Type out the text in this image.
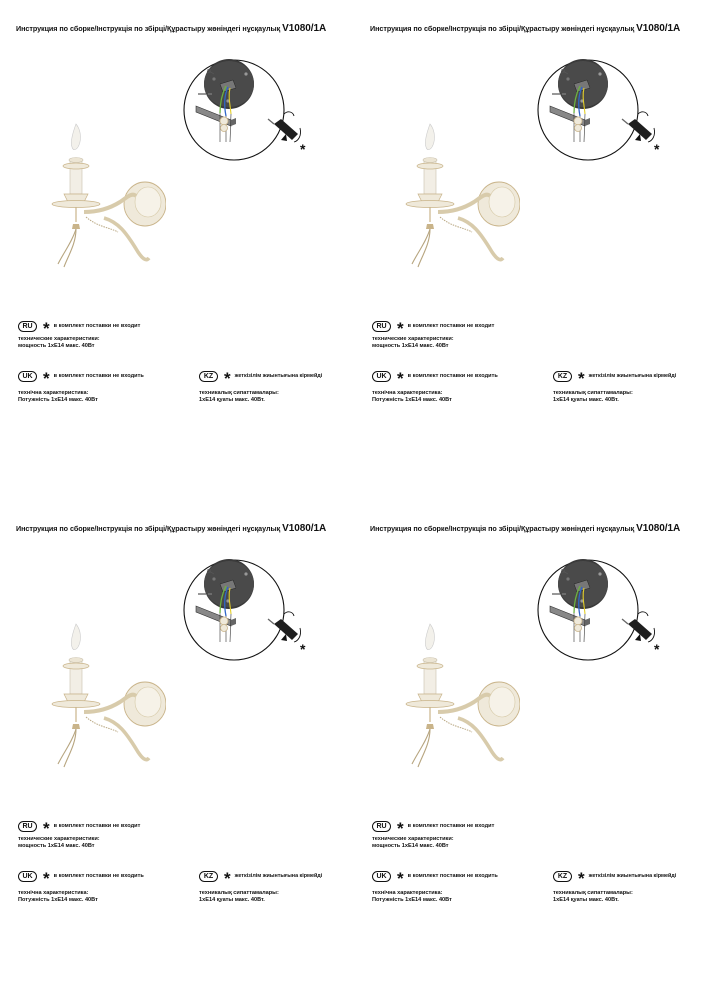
Инструкция по сборке/Інструкція по збірці/Құрастыру жөніндегі нұсқаулық V1080/1A
*
RU * в комплект поставки не входит
технические характеристики:
мощность 1хЕ14 макс. 40Вт
UK * в комплект поставки не входить
технічна характеристика:
Потужність 1хЕ14 макс. 40Вт
KZ * жеткізілім жиынтығына кірмейді
техникалық сипаттамалары:
1хЕ14 қуаты макс. 40Вт.
Инструкция по сборке/Інструкція по збірці/Құрастыру жөніндегі нұсқаулық V1080/1A
*
RU * в комплект поставки не входит
технические характеристики:
мощность 1хЕ14 макс. 40Вт
UK * в комплект поставки не входить
технічна характеристика:
Потужність 1хЕ14 макс. 40Вт
KZ * жеткізілім жиынтығына кірмейді
техникалық сипаттамалары:
1хЕ14 қуаты макс. 40Вт.
Инструкция по сборке/Інструкція по збірці/Құрастыру жөніндегі нұсқаулық V1080/1A
*
RU * в комплект поставки не входит
технические характеристики:
мощность 1хЕ14 макс. 40Вт
UK * в комплект поставки не входить
технічна характеристика:
Потужність 1хЕ14 макс. 40Вт
KZ * жеткізілім жиынтығына кірмейді
техникалық сипаттамалары:
1хЕ14 қуаты макс. 40Вт.
Инструкция по сборке/Інструкція по збірці/Құрастыру жөніндегі нұсқаулық V1080/1A
*
RU * в комплект поставки не входит
технические характеристики:
мощность 1хЕ14 макс. 40Вт
UK * в комплект поставки не входить
технічна характеристика:
Потужність 1хЕ14 макс. 40Вт
KZ * жеткізілім жиынтығына кірмейді
техникалық сипаттамалары:
1хЕ14 қуаты макс. 40Вт.
